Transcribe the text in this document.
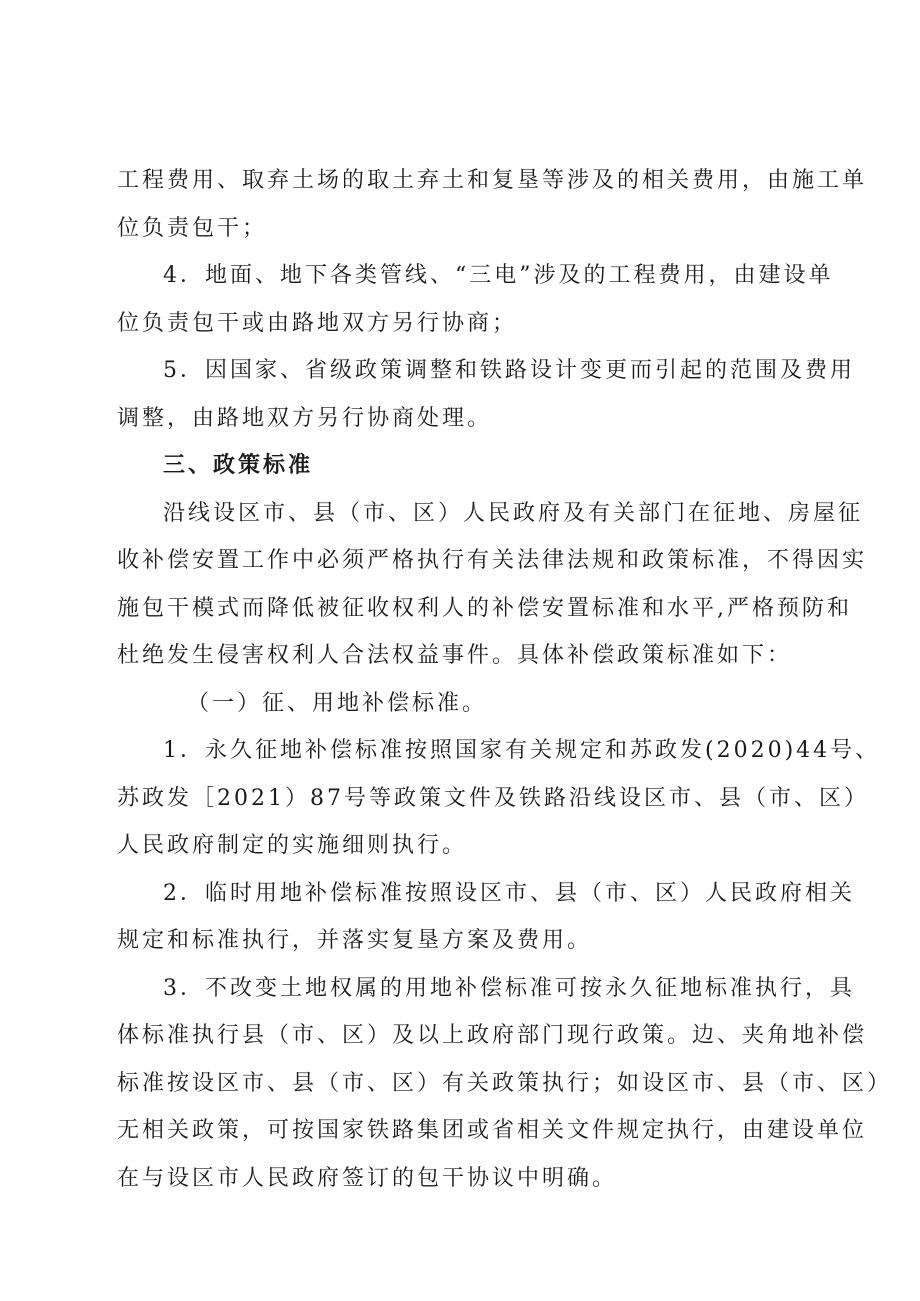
工程费用、取弃土场的取土弃土和复垦等涉及的相关费用，由施工单
位负责包干；
4．地面、地下各类管线、“三电”涉及的工程费用，由建设单
位负责包干或由路地双方另行协商；
5．因国家、省级政策调整和铁路设计变更而引起的范围及费用
调整，由路地双方另行协商处理。
三、政策标准
沿线设区市、县（市、区）人民政府及有关部门在征地、房屋征
收补偿安置工作中必须严格执行有关法律法规和政策标准，不得因实
施包干模式而降低被征收权利人的补偿安置标准和水平,严格预防和
杜绝发生侵害权利人合法权益事件。具体补偿政策标准如下：
（一）征、用地补偿标准。
1．永久征地补偿标准按照国家有关规定和苏政发(2020)44号、
苏政发［2021）87号等政策文件及铁路沿线设区市、县（市、区）
人民政府制定的实施细则执行。
2．临时用地补偿标准按照设区市、县（市、区）人民政府相关
规定和标准执行，并落实复垦方案及费用。
3．不改变土地权属的用地补偿标准可按永久征地标准执行，具
体标准执行县（市、区）及以上政府部门现行政策。边、夹角地补偿
标准按设区市、县（市、区）有关政策执行；如设区市、县（市、区）
无相关政策，可按国家铁路集团或省相关文件规定执行，由建设单位
在与设区市人民政府签订的包干协议中明确。
